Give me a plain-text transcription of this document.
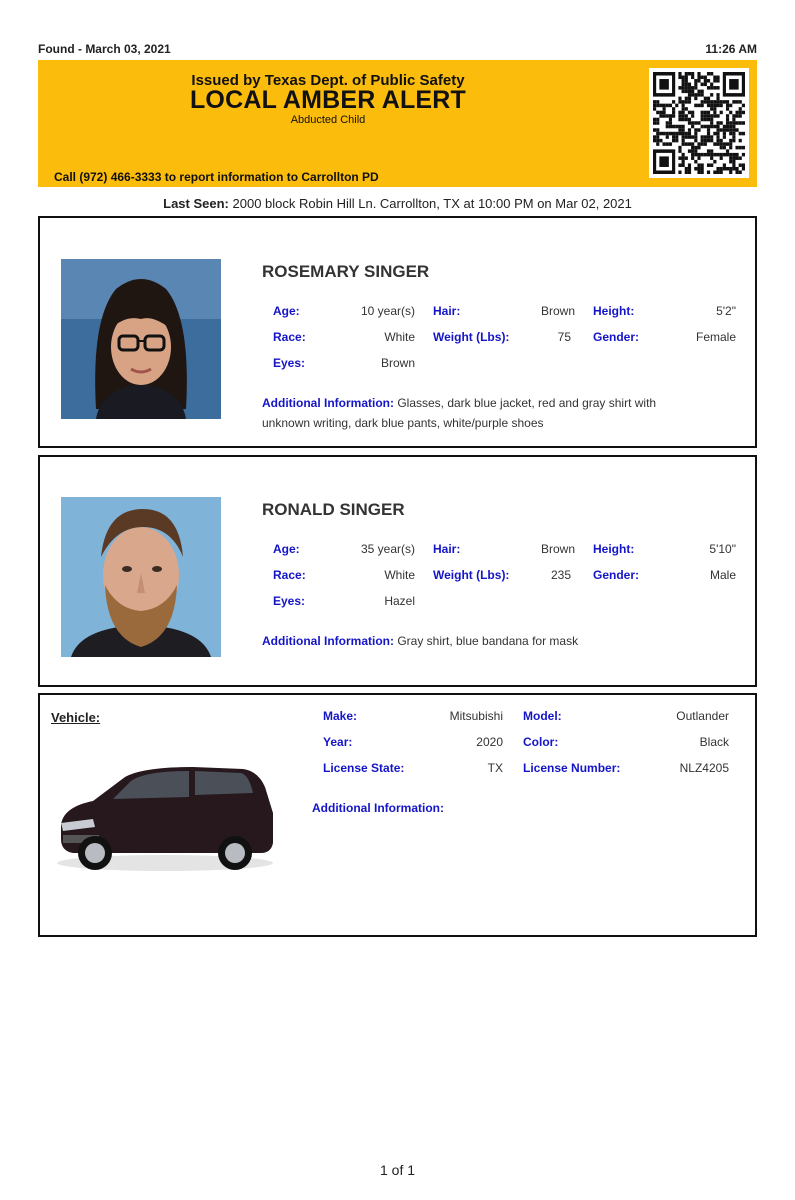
Found - March 03, 2021	11:26 AM
Issued by Texas Dept. of Public Safety
LOCAL AMBER ALERT
Abducted Child
Call (972) 466-3333 to report information to Carrollton PD
Last Seen: 2000 block Robin Hill Ln. Carrollton, TX at 10:00 PM on Mar 02, 2021
ROSEMARY SINGER
Age:	10 year(s) Hair:	Brown Height:	5'2"
Race:	White Weight (Lbs):	75 Gender:	Female
Eyes:	Brown
Additional Information: Glasses, dark blue jacket, red and gray shirt with
unknown writing, dark blue pants, white/purple shoes
RONALD SINGER
Age:	35 year(s) Hair:	Brown Height:	5'10"
Race:	White Weight (Lbs):	235 Gender:	Male
Eyes:	Hazel
Additional Information: Gray shirt, blue bandana for mask
Vehicle:	Make:	Mitsubishi Model:	Outlander
Year:	2020 Color:	Black
License State:	TX License Number:	NLZ4205
Additional Information:
1 of 1
